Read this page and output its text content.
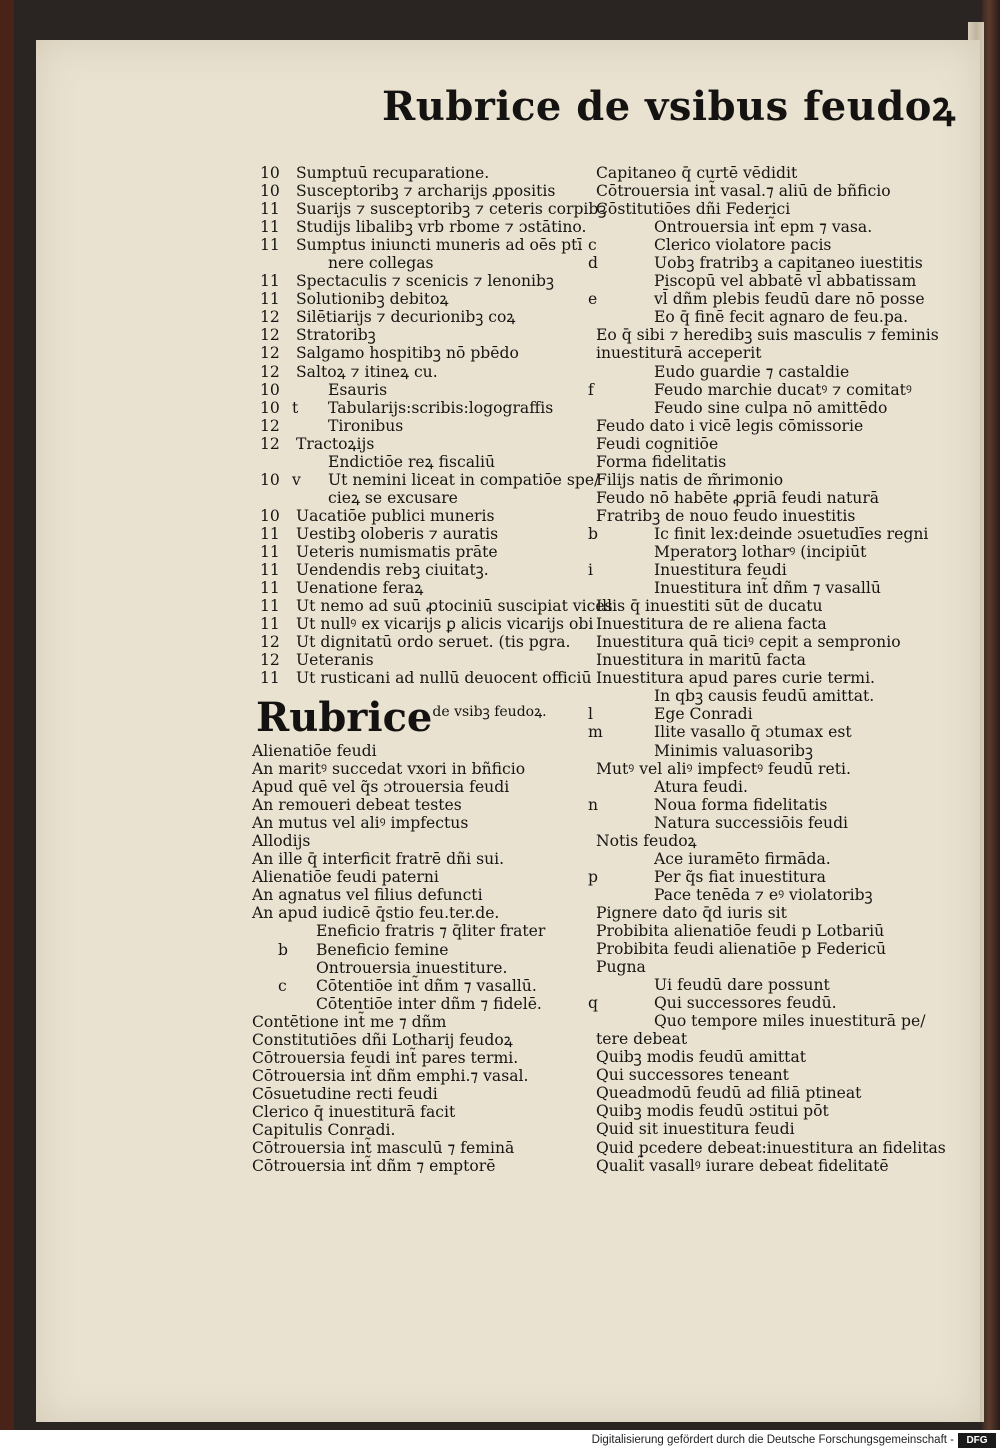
Rubrice de vsibus feudoꝝ
10	Sumptuū recuparatione.
10	Susceptoribꝫ ⁊ archarijs ꝓpositis
11	Suarijs ⁊ susceptoribꝫ ⁊ ceteris corpibꝫ
11	Studijs libalibꝫ vrb rbome ⁊ ɔstātino.
11	Sumptus iniuncti muneris ad oēs ptī
nere collegas
11	Spectaculis ⁊ scenicis ⁊ lenonibꝫ
11	Solutionibꝫ debitoꝝ
12	Silētiarijs ⁊ decurionibꝫ coꝝ
12	Stratoribꝫ
12	Salgamo hospitibꝫ nō pbēdo
12	Saltoꝝ ⁊ itineꝝ cu.
10	Esauris
10 t	Tabularijs:scribis:logograffis
12	Tironibus
12	Tractoꝝijs
Endictiōe reꝝ fiscaliū
10 v	Ut nemini liceat in compatiōe spe/
cieꝝ se excusare
10	Uacatiōe publici muneris
11	Uestibꝫ oloberis ⁊ auratis
11	Ueteris numismatis prāte
11	Uendendis rebꝫ ciuitatꝫ.
11	Uenatione feraꝝ
11	Ut nemo ad suū ꝓtociniū suscipiat vices
11	Ut nullꝰ ex vicarijs ꝑ alicis vicarijs obi
12	Ut dignitatū ordo seruet. (tis pgra.
12	Ueteranis
11	Ut rusticani ad nullū deuocent officiū
Rubricede vsibꝫ feudoꝝ.
Alienatiōe feudi
An maritꝰ succedat vxori in bñficio
Apud quē vel q̃s ɔtrouersia feudi
An remoueri debeat testes
An mutus vel aliꝰ impfectus
Allodijs
An ille q̄ interficit fratrē dñi sui.
Alienatiōe feudi paterni
An agnatus vel filius defuncti
An apud iudicē q̄stio feu.ter.de.
Eneficio fratris ⁊ q̄liter frater
b	Beneficio femine
Ontrouersia inuestiture.
c	Cōtentiōe int̃ dñm ⁊ vasallū.
Cōtentiōe inter dñm ⁊ fidelē.
Contētione int̃ me ⁊ dñm
Constitutiōes dñi Lotharij feudoꝝ
Cōtrouersia feudi int̃ pares termi.
Cōtrouersia int̃ dñm emphi.⁊ vasal.
Cōsuetudine recti feudi
Clerico q̄ inuestiturā facit
Capitulis Conradi.
Cōtrouersia int̃ masculū ⁊ feminā
Cōtrouersia int̃ dñm ⁊ emptorē
Capitaneo q̄ curtē vēdidit
Cōtrouersia int̃ vasal.⁊ aliū de bñficio
Cōstitutiōes dñi Federici
Ontrouersia int̃ epm ⁊ vasa.
c	Clerico violatore pacis
d	Uobꝫ fratribꝫ a capitaneo iuestitis
Piscopū vel abbatē vl̄ abbatissam
e	vl̄ dñm plebis feudū dare nō posse
Eo q̄ finē fecit agnaro de feu.pa.
Eo q̄ sibi ⁊ heredibꝫ suis masculis ⁊ feminis
inuestiturā acceperit
Eudo guardie ⁊ castaldie
f	Feudo marchie ducatꝰ ⁊ comitatꝰ
Feudo sine culpa nō amittēdo
Feudo dato i vicē legis cōmissorie
Feudi cognitiōe
Forma fidelitatis
Filijs natis de m̃rimonio
Feudo nō habēte ꝓpriā feudi naturā
Fratribꝫ de nouo feudo inuestitis
b	Ic finit lex:deinde ɔsuetudīes regni
Mperatorꝫ lotharꝰ (incipiūt
i	Inuestitura feudi
Inuestitura int̃ dñm ⁊ vasallū
Illis q̄ inuestiti sūt de ducatu
Inuestitura de re aliena facta
Inuestitura quā ticiꝰ cepit a sempronio
Inuestitura in maritū facta
Inuestitura apud pares curie termi.
In qbꝫ causis feudū amittat.
l	Ege Conradi
m	Ilite vasallo q̄ ɔtumax est
Minimis valuasoribꝫ
Mutꝰ vel aliꝰ impfectꝰ feudū reti.
Atura feudi.
n	Noua forma fidelitatis
Natura successiōis feudi
Notis feudoꝝ
Ace iuramēto firmāda.
p	Per q̃s fiat inuestitura
Pace tenēda ⁊ eꝰ violatoribꝫ
Pignere dato q̄d iuris sit
Probibita alienatiōe feudi p Lotbariū
Probibita feudi alienatiōe p Federicū
Pugna
Ui feudū dare possunt
q	Qui successores feudū.
Quo tempore miles inuestiturā pe/
tere debeat
Quibꝫ modis feudū amittat
Qui successores teneant
Queadmodū feudū ad filiā ptineat
Quibꝫ modis feudū ɔstitui pōt
Quid sit inuestitura feudi
Quid pcedere debeat:inuestitura an fidelitas
Qualit̃ vasallꝰ iurare debeat fidelitatē
Digitalisierung gefördert durch die Deutsche Forschungsgemeinschaft -	DFG
